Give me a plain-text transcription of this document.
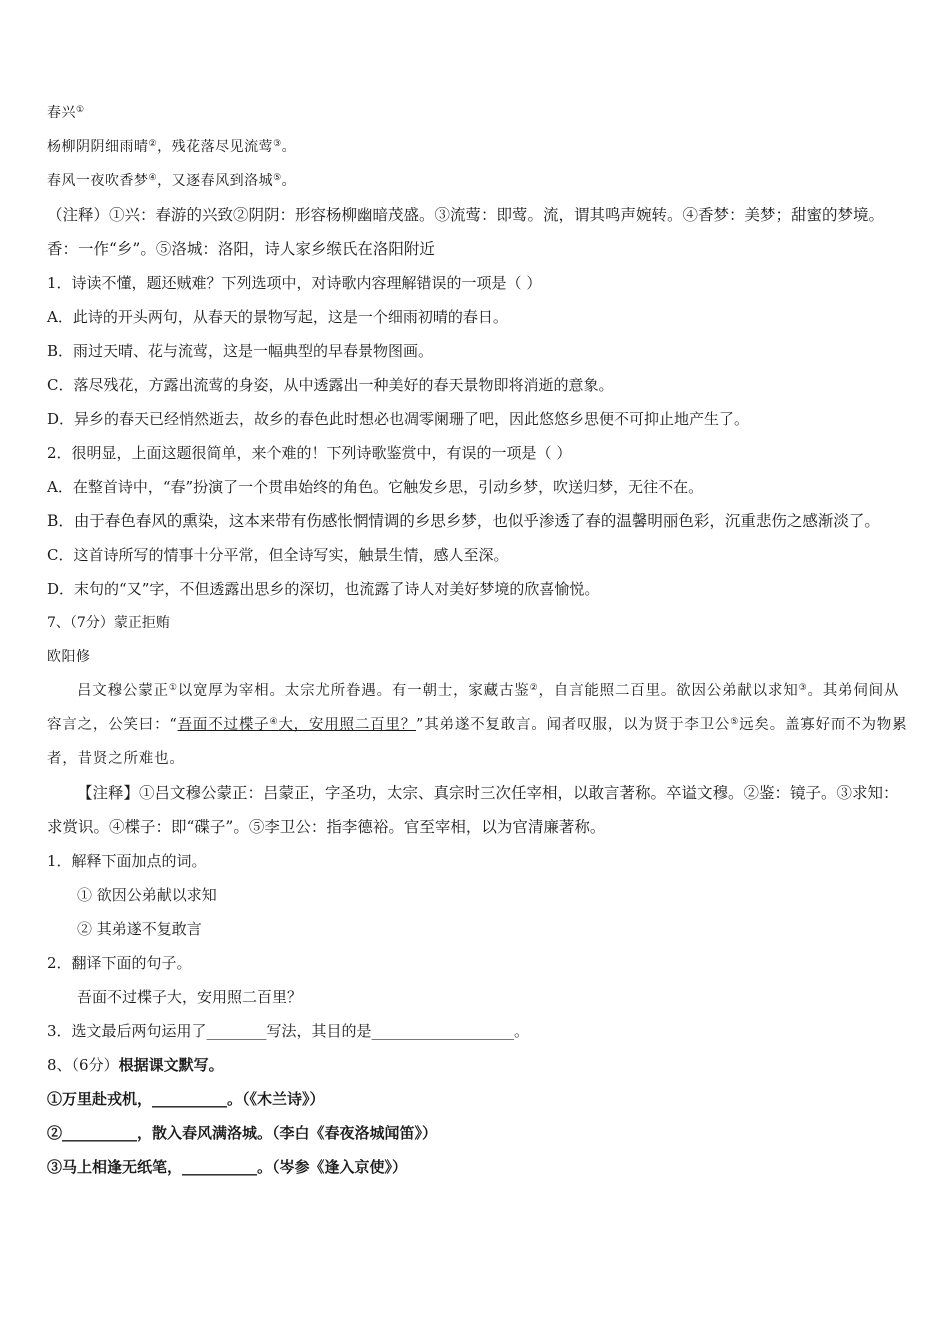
春兴①

杨柳阴阴细雨晴②，残花落尽见流莺③。

春风一夜吹香梦④，又逐春风到洛城⑤。

（注释）①兴：春游的兴致②阴阴：形容杨柳幽暗茂盛。③流莺：即莺。流，谓其鸣声婉转。④香梦：美梦；甜蜜的梦境。香：一作“乡”。⑤洛城：洛阳，诗人家乡缑氏在洛阳附近

1．诗读不懂，题还贼难？下列选项中，对诗歌内容理解错误的一项是（ ）

A．此诗的开头两句，从春天的景物写起，这是一个细雨初晴的春日。

B．雨过天晴、花与流莺，这是一幅典型的早春景物图画。

C．落尽残花，方露出流莺的身姿，从中透露出一种美好的春天景物即将消逝的意象。

D．异乡的春天已经悄然逝去，故乡的春色此时想必也凋零阑珊了吧，因此悠悠乡思便不可抑止地产生了。

2．很明显，上面这题很简单，来个难的！下列诗歌鉴赏中，有误的一项是（ ）

A．在整首诗中，“春”扮演了一个贯串始终的角色。它触发乡思，引动乡梦，吹送归梦，无往不在。

B．由于春色春风的熏染，这本来带有伤感怅惘情调的乡思乡梦，也似乎渗透了春的温馨明丽色彩，沉重悲伤之感渐淡了。

C．这首诗所写的情事十分平常，但全诗写实，触景生情，感人至深。

D．末句的“又”字，不但透露出思乡的深切，也流露了诗人对美好梦境的欣喜愉悦。

7、（7分）蒙正拒贿

欧阳修

吕文穆公蒙正①以宽厚为宰相。太宗尤所眷遇。有一朝士，家藏古鉴②，自言能照二百里。欲因公弟献以求知③。其弟伺间从容言之，公笑曰：“吾面不过楪子④大，安用照二百里？”其弟遂不复敢言。闻者叹服，以为贤于李卫公⑤远矣。盖寡好而不为物累者，昔贤之所难也。

【注释】①吕文穆公蒙正：吕蒙正，字圣功，太宗、真宗时三次任宰相，以敢言著称。卒谥文穆。②鉴：镜子。③求知：求赏识。④楪子：即“碟子”。⑤李卫公：指李德裕。官至宰相，以为官清廉著称。

1．解释下面加点的词。

① 欲因公弟献以求知

② 其弟遂不复敢言

2．翻译下面的句子。

吾面不过楪子大，安用照二百里？

3．选文最后两句运用了________写法，其目的是___________________。

8、（6分）根据课文默写。

①万里赴戎机，__________。（《木兰诗》）

②__________，散入春风满洛城。（李白《春夜洛城闻笛》）

③马上相逢无纸笔，__________。（岑参《逢入京使》）
